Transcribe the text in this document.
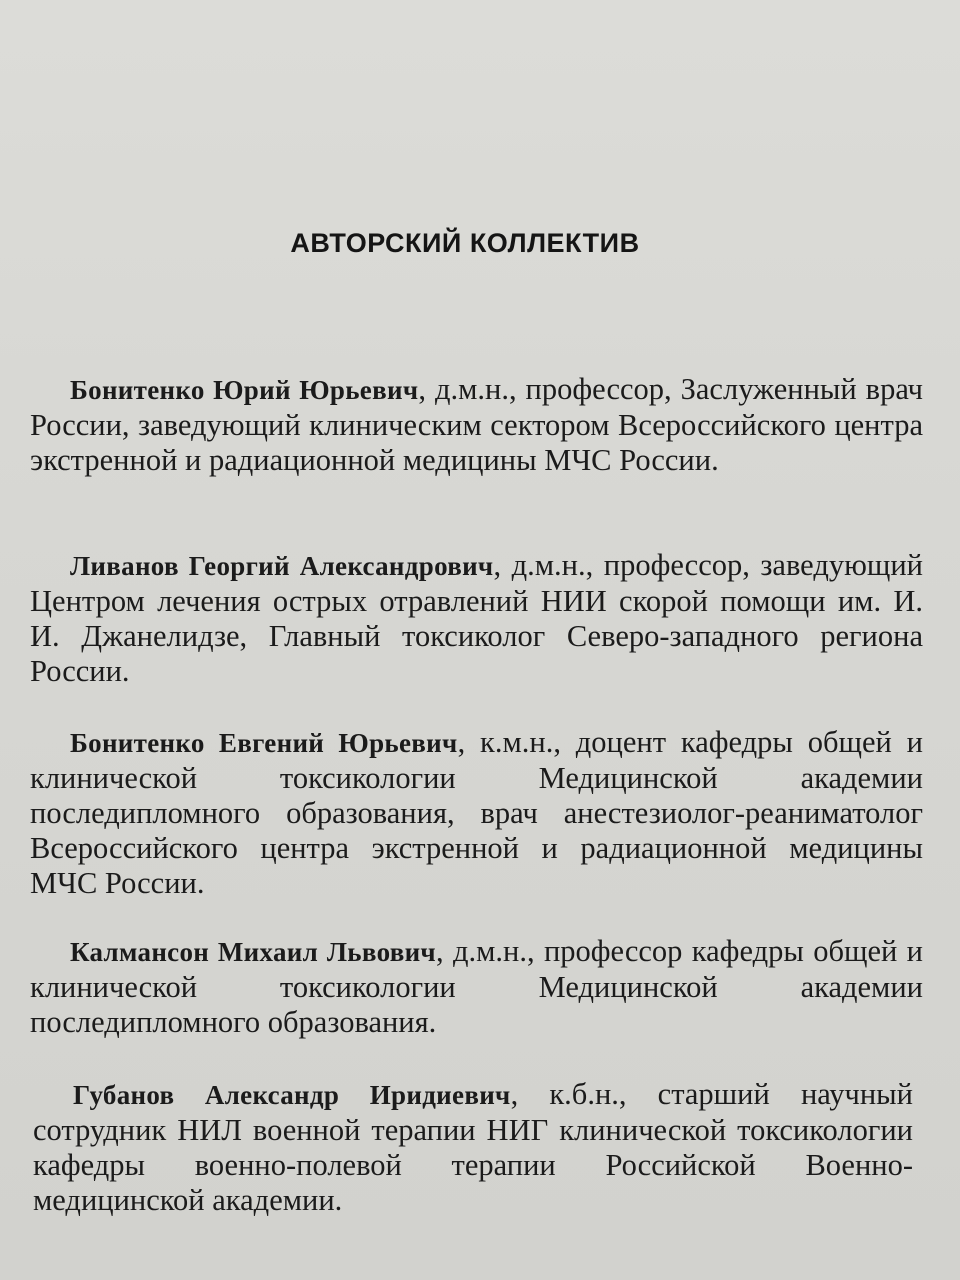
АВТОРСКИЙ КОЛЛЕКТИВ

Бонитенко Юрий Юрьевич, д.м.н., профессор, Заслуженный врач России, заведующий клиническим сектором Всероссийского центра экстренной и радиационной медицины МЧС России.

Ливанов Георгий Александрович, д.м.н., профессор, заведующий Центром лечения острых отравлений НИИ скорой помощи им. И. И. Джанелидзе, Главный токсиколог Северо-западного региона России.

Бонитенко Евгений Юрьевич, к.м.н., доцент кафедры общей и клинической токсикологии Медицинской академии последипломного образования, врач анестезиолог-реаниматолог Всероссийского центра экстренной и радиационной медицины МЧС России.

Калмансон Михаил Львович, д.м.н., профессор кафедры общей и клинической токсикологии Медицинской академии последипломного образования.

Губанов Александр Иридиевич, к.б.н., старший научный сотрудник НИЛ военной терапии НИГ клинической токсикологии кафедры военно-полевой терапии Российской Военно-медицинской академии.
